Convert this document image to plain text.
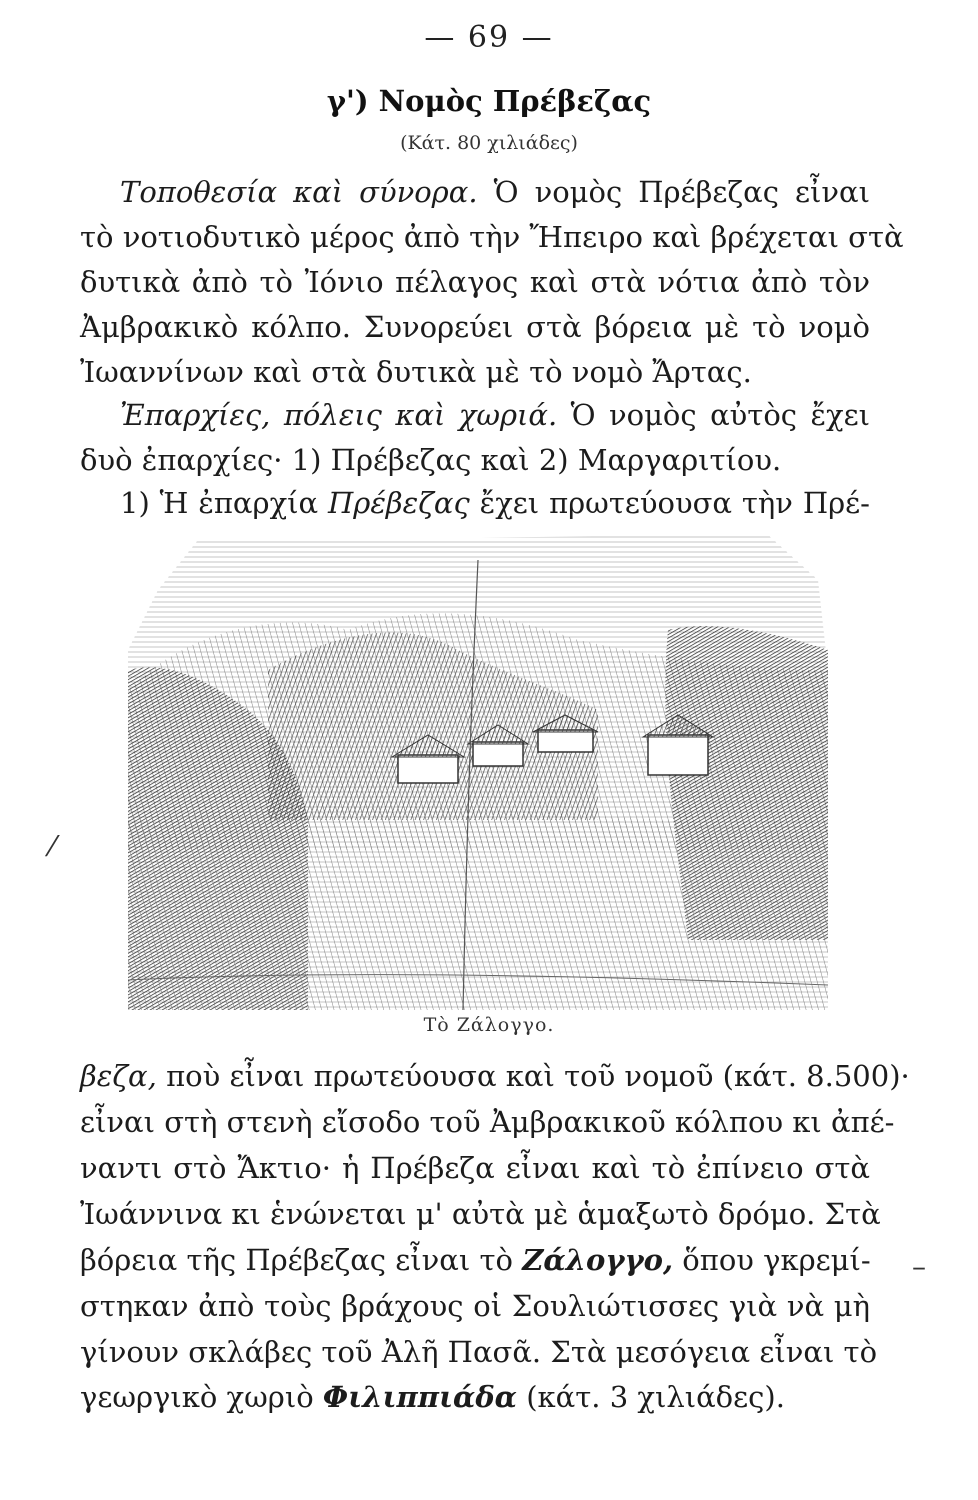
— 69 —
γ') Νομὸς Πρέβεζας
(Κάτ. 80 χιλιάδες)
Τοποθεσία καὶ σύνορα. Ὁ νομὸς Πρέβεζας εἶναι
τὸ νοτιοδυτικὸ μέρος ἀπὸ τὴν Ἤπειρο καὶ βρέχεται στὰ
δυτικὰ ἀπὸ τὸ Ἰόνιο πέλαγος καὶ στὰ νότια ἀπὸ τὸν
Ἀμβρακικὸ κόλπο. Συνορεύει στὰ βόρεια μὲ τὸ νομὸ
Ἰωαννίνων καὶ στὰ δυτικὰ μὲ τὸ νομὸ Ἄρτας.
Ἐπαρχίες, πόλεις καὶ χωριά. Ὁ νομὸς αὐτὸς ἔχει
δυὸ ἐπαρχίες· 1) Πρέβεζας καὶ 2) Μαργαριτίου.
1) Ἡ ἐπαρχία Πρέβεζας ἔχει πρωτεύουσα τὴν Πρέ-
Τὸ Ζάλογγο.
βεζα, ποὺ εἶναι πρωτεύουσα καὶ τοῦ νομοῦ (κάτ. 8.500)·
εἶναι στὴ στενὴ εἴσοδο τοῦ Ἀμβρακικοῦ κόλπου κι ἀπέ-
ναντι στὸ Ἄκτιο· ἡ Πρέβεζα εἶναι καὶ τὸ ἐπίνειο στὰ
Ἰωάννινα κι ἑνώνεται μ' αὐτὰ μὲ ἁμαξωτὸ δρόμο. Στὰ
βόρεια τῆς Πρέβεζας εἶναι τὸ Ζάλογγο, ὅπου γκρεμί-
στηκαν ἀπὸ τοὺς βράχους οἱ Σουλιώτισσες γιὰ νὰ μὴ
γίνουν σκλάβες τοῦ Ἀλῆ Πασᾶ. Στὰ μεσόγεια εἶναι τὸ
γεωργικὸ χωριὸ Φιλιππιάδα (κάτ. 3 χιλιάδες).
⁄
–
